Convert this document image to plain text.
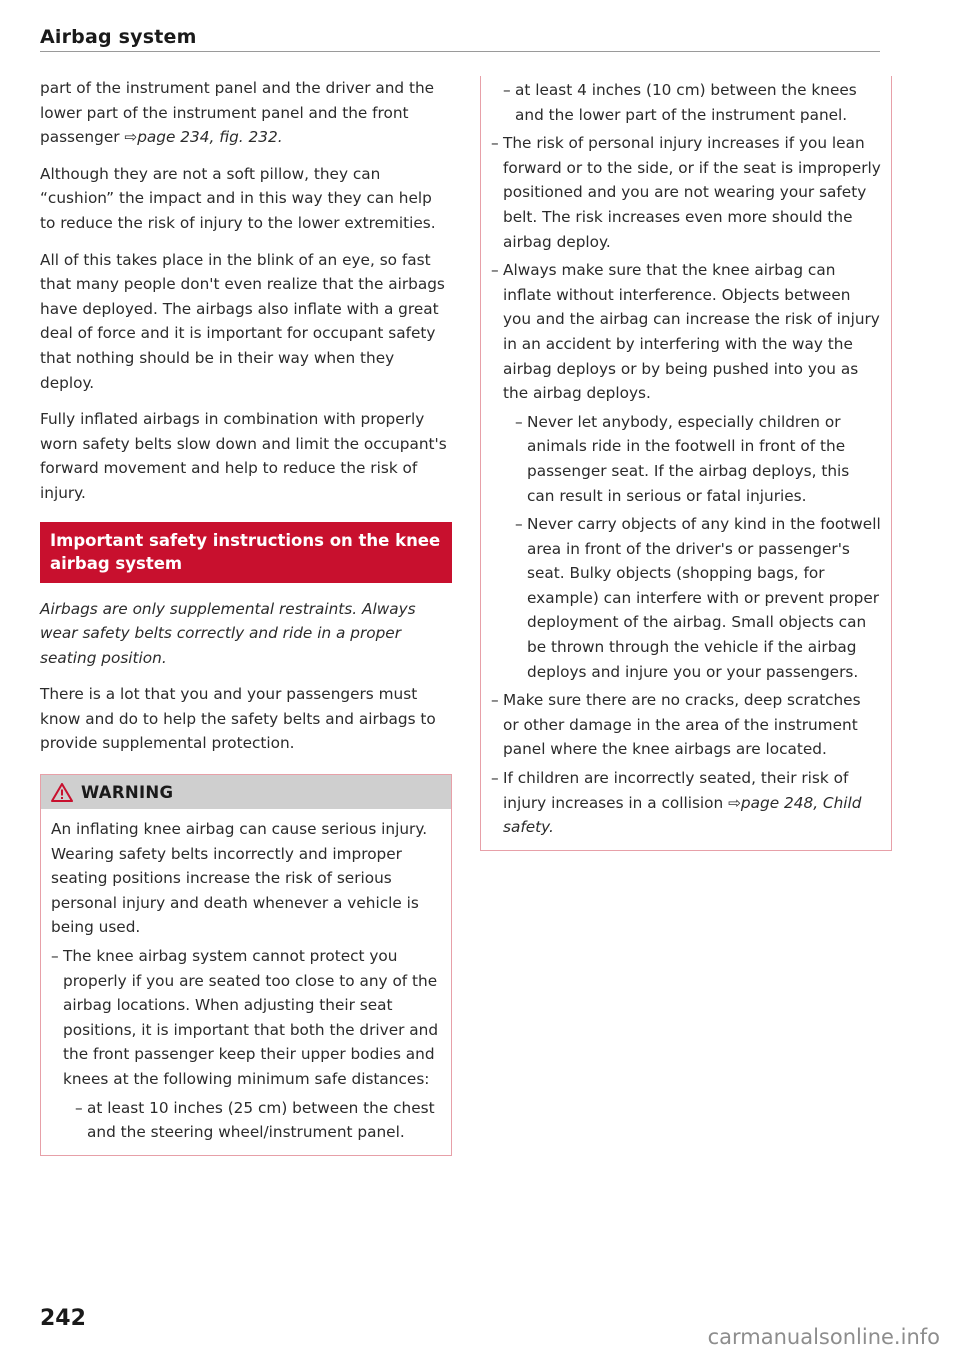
Airbag system

part of the instrument panel and the driver and the lower part of the instrument panel and the front passenger ⇨page 234, fig. 232.

Although they are not a soft pillow, they can “cushion” the impact and in this way they can help to reduce the risk of injury to the lower extremities.

All of this takes place in the blink of an eye, so fast that many people don't even realize that the airbags have deployed. The airbags also inflate with a great deal of force and it is important for occupant safety that nothing should be in their way when they deploy.

Fully inflated airbags in combination with properly worn safety belts slow down and limit the occupant's forward movement and help to reduce the risk of injury.

Important safety instructions on the knee airbag system

Airbags are only supplemental restraints. Always wear safety belts correctly and ride in a proper seating position.

There is a lot that you and your passengers must know and do to help the safety belts and airbags to provide supplemental protection.

WARNING

An inflating knee airbag can cause serious injury. Wearing safety belts incorrectly and improper seating positions increase the risk of serious personal injury and death whenever a vehicle is being used.

– The knee airbag system cannot protect you properly if you are seated too close to any of the airbag locations. When adjusting their seat positions, it is important that both the driver and the front passenger keep their upper bodies and knees at the following minimum safe distances:
– at least 10 inches (25 cm) between the chest and the steering wheel/instrument panel.
– at least 4 inches (10 cm) between the knees and the lower part of the instrument panel.
– The risk of personal injury increases if you lean forward or to the side, or if the seat is improperly positioned and you are not wearing your safety belt. The risk increases even more should the airbag deploy.
– Always make sure that the knee airbag can inflate without interference. Objects between you and the airbag can increase the risk of injury in an accident by interfering with the way the airbag deploys or by being pushed into you as the airbag deploys.
– Never let anybody, especially children or animals ride in the footwell in front of the passenger seat. If the airbag deploys, this can result in serious or fatal injuries.
– Never carry objects of any kind in the footwell area in front of the driver's or passenger's seat. Bulky objects (shopping bags, for example) can interfere with or prevent proper deployment of the airbag. Small objects can be thrown through the vehicle if the airbag deploys and injure you or your passengers.
– Make sure there are no cracks, deep scratches or other damage in the area of the instrument panel where the knee airbags are located.
– If children are incorrectly seated, their risk of injury increases in a collision ⇨page 248, Child safety.
242
carmanualsonline.info
